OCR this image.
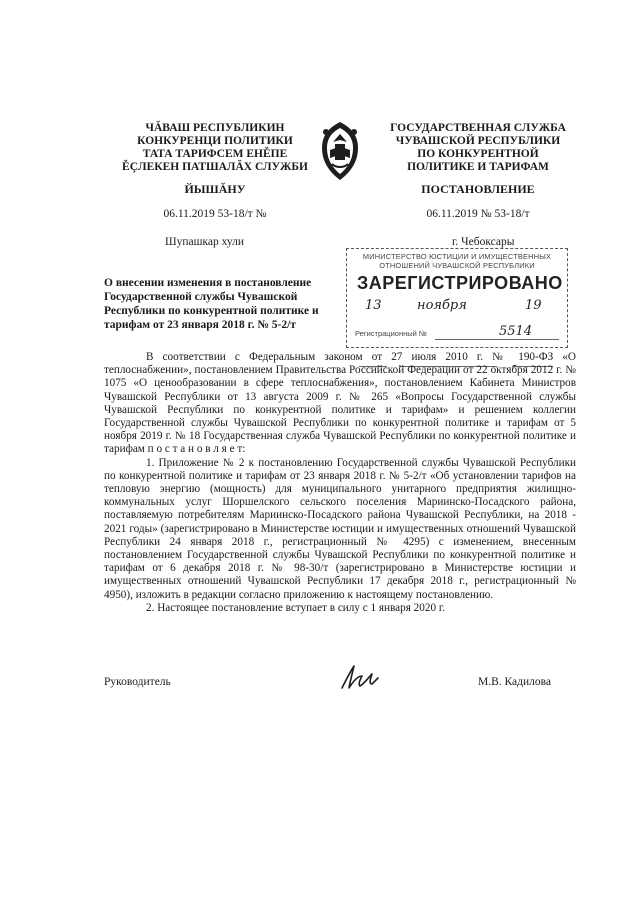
ЧĂВАШ РЕСПУБЛИКИН
КОНКУРЕНЦИ ПОЛИТИКИ
ТАТА ТАРИФСЕМ ЕНĚПЕ
ĚÇЛЕКЕН ПАТШАЛĂХ СЛУЖБИ
ЙЫШĂНУ
06.11.2019 53-18/т №
Шупашкар хули
ГОСУДАРСТВЕННАЯ СЛУЖБА
ЧУВАШСКОЙ РЕСПУБЛИКИ
ПО КОНКУРЕНТНОЙ
ПОЛИТИКЕ И ТАРИФАМ
ПОСТАНОВЛЕНИЕ
06.11.2019 № 53-18/т
г. Чебоксары
МИНИСТЕРСТВО ЮСТИЦИИ И ИМУЩЕСТВЕННЫХ
ОТНОШЕНИЙ ЧУВАШСКОЙ РЕСПУБЛИКИ
ЗАРЕГИСТРИРОВАНО
13	ноября	19
Регистрационный №	5514
О внесении изменения в постановление
Государственной службы Чувашской
Республики по конкурентной политике и
тарифам от 23 января 2018 г. № 5-2/т

В соответствии с Федеральным законом от 27 июля 2010 г. № 190-ФЗ «О теплоснабжении», постановлением Правительства Российской Федерации от 22 октября 2012 г. № 1075 «О ценообразовании в сфере теплоснабжения», постановлением Кабинета Министров Чувашской Республики от 13 августа 2009 г. № 265 «Вопросы Государственной службы Чувашской Республики по конкурентной политике и тарифам» и решением коллегии Государственной службы Чувашской Республики по конкурентной политике и тарифам от 5 ноября 2019 г. № 18 Государственная служба Чувашской Республики по конкурентной политике и тарифам п о с т а н о в л я е т:

1. Приложение № 2 к постановлению Государственной службы Чувашской Республики по конкурентной политике и тарифам от 23 января 2018 г. № 5-2/т «Об установлении тарифов на тепловую энергию (мощность) для муниципального унитарного предприятия жилищно-коммунальных услуг Шоршелского сельского поселения Мариинско-Посадского района, поставляемую потребителям Мариинско-Посадского района Чувашской Республики, на 2018 - 2021 годы» (зарегистрировано в Министерстве юстиции и имущественных отношений Чувашской Республики 24 января 2018 г., регистрационный № 4295) с изменением, внесенным постановлением Государственной службы Чувашской Республики по конкурентной политике и тарифам от 6 декабря 2018 г. № 98-30/т (зарегистрировано в Министерстве юстиции и имущественных отношений Чувашской Республики 17 декабря 2018 г., регистрационный № 4950), изложить в редакции согласно приложению к настоящему постановлению.

2. Настоящее постановление вступает в силу с 1 января 2020 г.

Руководитель	М.В. Кадилова
